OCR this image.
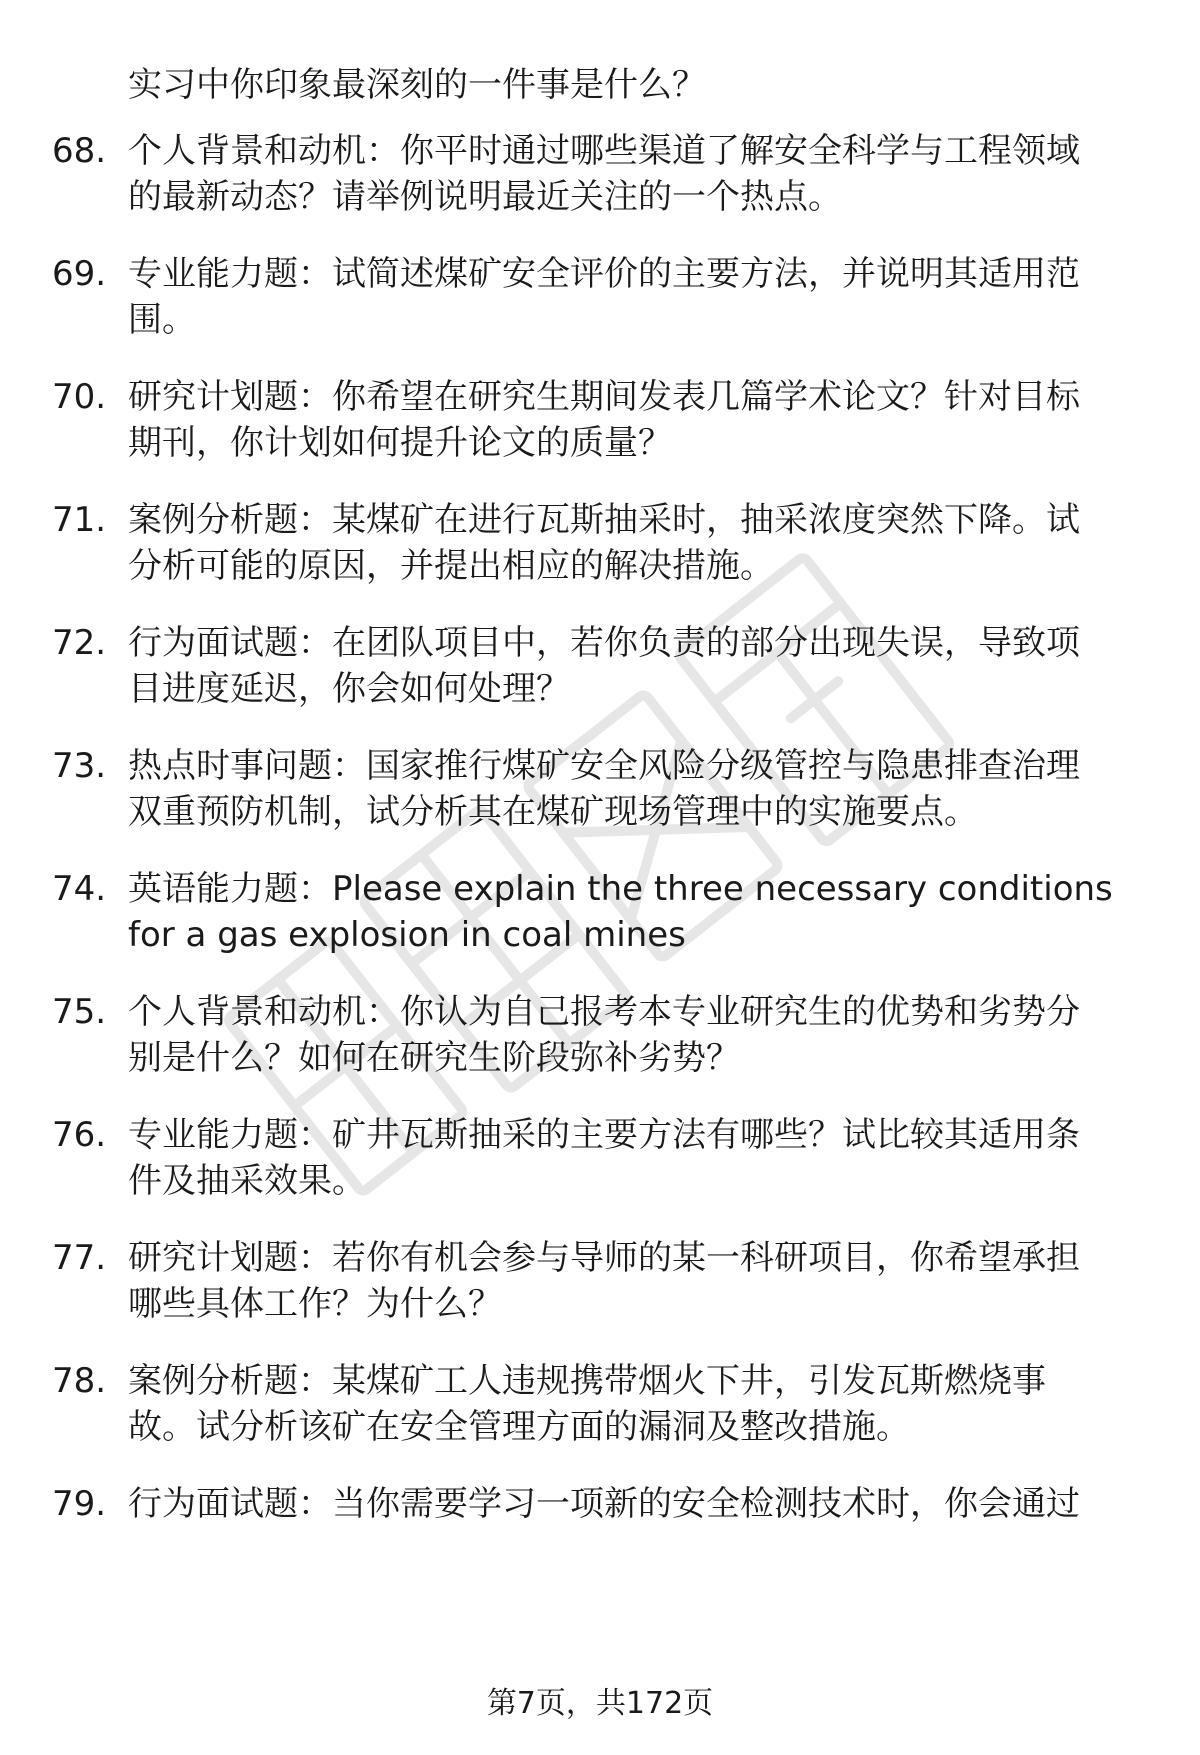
实习中你印象最深刻的一件事是什么？
68. 个人背景和动机：你平时通过哪些渠道了解安全科学与工程领域
的最新动态？请举例说明最近关注的一个热点。
69. 专业能力题：试简述煤矿安全评价的主要方法，并说明其适用范
围。
70. 研究计划题：你希望在研究生期间发表几篇学术论文？针对目标
期刊，你计划如何提升论文的质量？
71. 案例分析题：某煤矿在进行瓦斯抽采时，抽采浓度突然下降。试
分析可能的原因，并提出相应的解决措施。
72. 行为面试题：在团队项目中，若你负责的部分出现失误，导致项
目进度延迟，你会如何处理？
73. 热点时事问题：国家推行煤矿安全风险分级管控与隐患排查治理
双重预防机制，试分析其在煤矿现场管理中的实施要点。
74. 英语能力题：Please explain the three necessary conditions
for a gas explosion in coal mines
75. 个人背景和动机：你认为自己报考本专业研究生的优势和劣势分
别是什么？如何在研究生阶段弥补劣势？
76. 专业能力题：矿井瓦斯抽采的主要方法有哪些？试比较其适用条
件及抽采效果。
77. 研究计划题：若你有机会参与导师的某一科研项目，你希望承担
哪些具体工作？为什么？
78. 案例分析题：某煤矿工人违规携带烟火下井，引发瓦斯燃烧事
故。试分析该矿在安全管理方面的漏洞及整改措施。
79. 行为面试题：当你需要学习一项新的安全检测技术时，你会通过
第7页，共172页
